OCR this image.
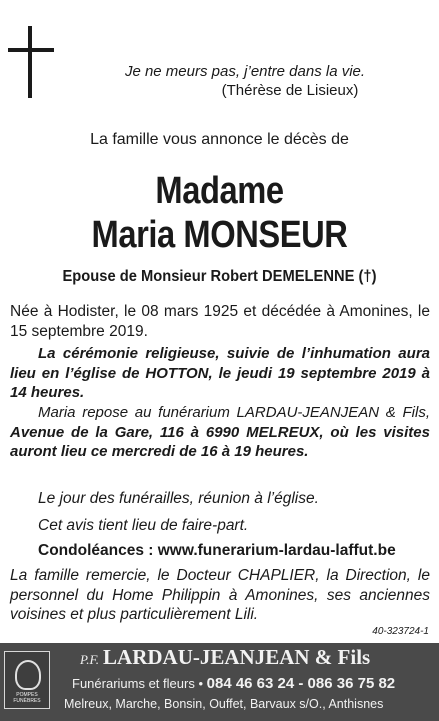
Je ne meurs pas, j’entre dans la vie.
(Thérèse de Lisieux)
La famille vous annonce le décès de
Madame
Maria MONSEUR
Epouse de Monsieur Robert DEMELENNE (†)
Née à Hodister, le 08 mars 1925 et décédée à Amonines, le 15 septembre 2019.
La cérémonie religieuse, suivie de l’inhumation aura lieu en l’église de HOTTON, le jeudi 19 septembre 2019 à 14 heures.
Maria repose au funérarium LARDAU-JEANJEAN & Fils, Avenue de la Gare, 116 à 6990 MELREUX, où les visites auront lieu ce mercredi de 16 à 19 heures.
Le jour des funérailles, réunion à l’église.
Cet avis tient lieu de faire-part.
Condoléances : www.funerarium-lardau-laffut.be
La famille remercie, le Docteur CHAPLIER, la Direction, le personnel du Home Philippin à Amonines, ses anciennes voisines et plus particulièrement Lili.
40-323724-1
POMPES FUNÈBRES
P.F. LARDAU-JEANJEAN & Fils
Funérariums et fleurs • 084 46 63 24 - 086 36 75 82
Melreux, Marche, Bonsin, Ouffet, Barvaux s/O., Anthisnes
